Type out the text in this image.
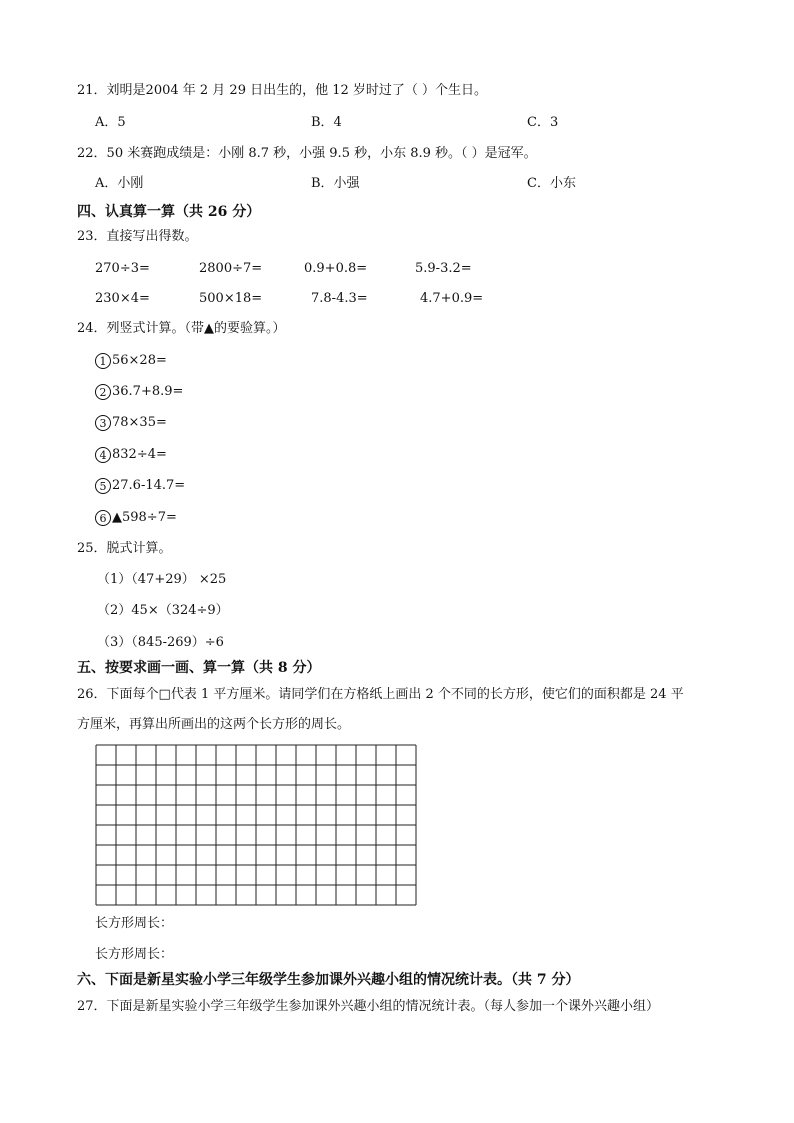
21．刘明是2004 年 2 月 29 日出生的，他 12 岁时过了（ ）个生日。
A．5	B．4	C．3
22．50 米赛跑成绩是：小刚 8.7 秒，小强 9.5 秒，小东 8.9 秒。（ ）是冠军。
A．小刚	B．小强	C．小东
四、认真算一算（共 26 分）
23．直接写出得数。
270÷3=	2800÷7=	0.9+0.8=	5.9-3.2=
230×4=	500×18=	7.8-4.3=	4.7+0.9=
24．列竖式计算。（带▲的要验算。）
1 56×28=
2 36.7+8.9=
3 78×35=
4 832÷4=
5 27.6-14.7=
6 ▲598÷7=
25．脱式计算。
（1）（47+29） ×25
（2）45×（324÷9）
（3）（845-269）÷6
五、按要求画一画、算一算（共 8 分）
26．下面每个□代表 1 平方厘米。请同学们在方格纸上画出 2 个不同的长方形，使它们的面积都是 24 平
方厘米，再算出所画出的这两个长方形的周长。
长方形周长：
长方形周长：
六、下面是新星实验小学三年级学生参加课外兴趣小组的情况统计表。（共 7 分）
27．下面是新星实验小学三年级学生参加课外兴趣小组的情况统计表。（每人参加一个课外兴趣小组）
